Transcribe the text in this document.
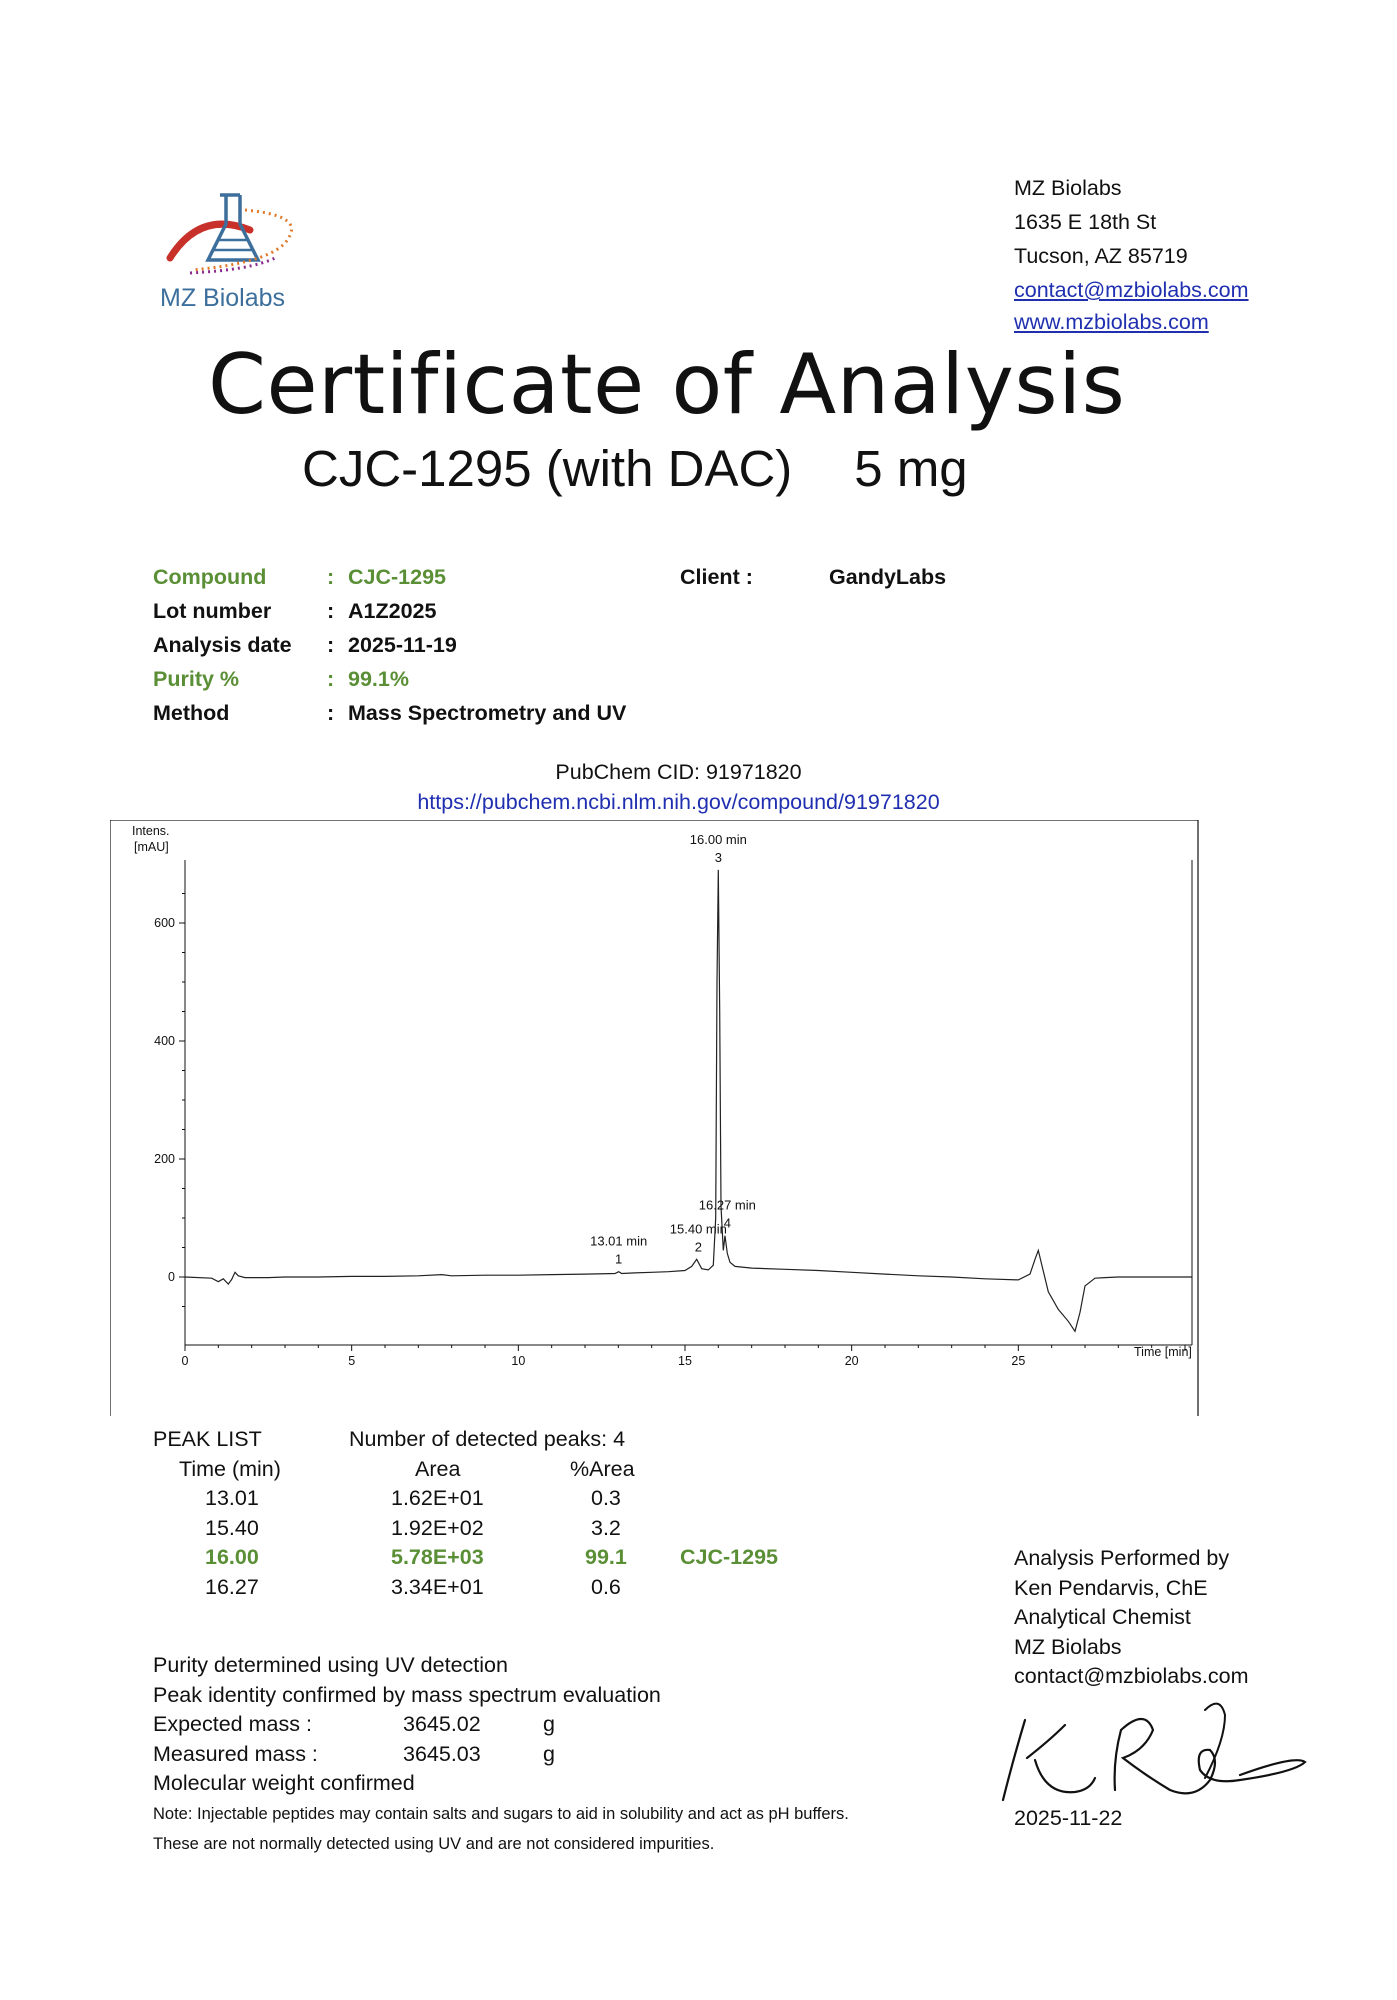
MZ Biolabs
MZ Biolabs
1635 E 18th St
Tucson, AZ 85719
contact@mzbiolabs.com
www.mzbiolabs.com
Certificate of Analysis
CJC-1295 (with DAC) 5 mg
Compound	: CJC-1295
Lot number	: A1Z2025
Analysis date : 2025-11-19
Purity %	: 99.1%
Method	: Mass Spectrometry and UV
Client :	GandyLabs
PubChem CID: 91971820
https://pubchem.ncbi.nlm.nih.gov/compound/91971820
Intens.
[mAU]
Time [min]
0	5	10	15	20	25
0
200
400
600
1
13.01 min	2
15.40 min
3
16.00 min
4
16.27 min
PEAK LIST	Number of detected peaks: 4
Time (min)	Area	%Area
13.01	1.62E+01	0.3
15.40	1.92E+02	3.2
16.00	5.78E+03	99.1 CJC-1295
16.27	3.34E+01	0.6
Purity determined using UV detection
Peak identity confirmed by mass spectrum evaluation
Expected mass :	3645.02	g
Measured mass :	3645.03	g
Molecular weight confirmed
Note: Injectable peptides may contain salts and sugars to aid in solubility and act as pH buffers.
These are not normally detected using UV and are not considered impurities.
Analysis Performed by
Ken Pendarvis, ChE
Analytical Chemist
MZ Biolabs
contact@mzbiolabs.com
2025-11-22
